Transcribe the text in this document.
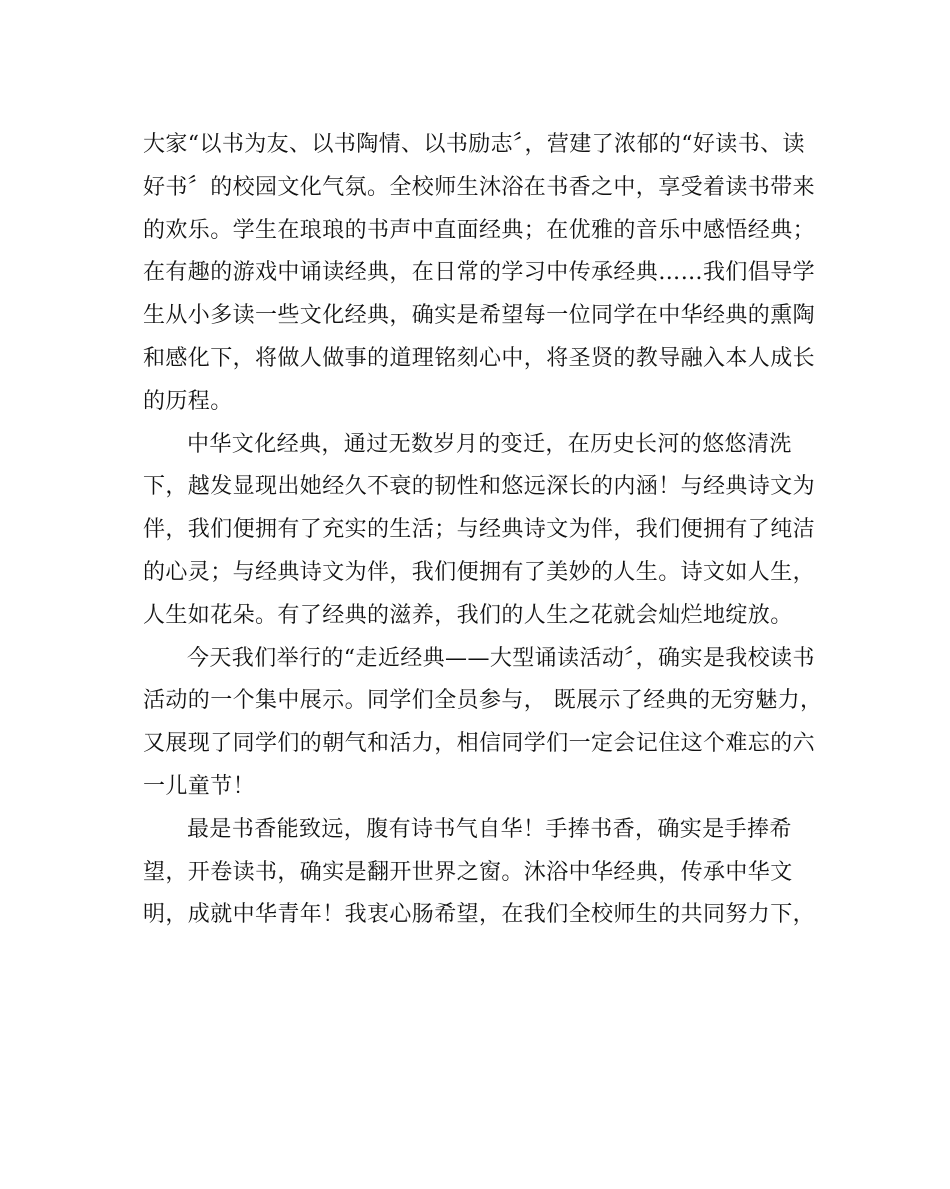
大家“以书为友、以书陶情、以书励志〞，营建了浓郁的“好读书、读
好书〞的校园文化气氛。全校师生沐浴在书香之中，享受着读书带来
的欢乐。学生在琅琅的书声中直面经典；在优雅的音乐中感悟经典；
在有趣的游戏中诵读经典，在日常的学习中传承经典……我们倡导学
生从小多读一些文化经典，确实是希望每一位同学在中华经典的熏陶
和感化下，将做人做事的道理铭刻心中，将圣贤的教导融入本人成长
的历程。
中华文化经典，通过无数岁月的变迁，在历史长河的悠悠清洗
下，越发显现出她经久不衰的韧性和悠远深长的内涵！与经典诗文为
伴，我们便拥有了充实的生活；与经典诗文为伴，我们便拥有了纯洁
的心灵；与经典诗文为伴，我们便拥有了美妙的人生。诗文如人生，
人生如花朵。有了经典的滋养，我们的人生之花就会灿烂地绽放。
今天我们举行的“走近经典——大型诵读活动〞，确实是我校读书
活动的一个集中展示。同学们全员参与， 既展示了经典的无穷魅力，
又展现了同学们的朝气和活力，相信同学们一定会记住这个难忘的六
一儿童节！
最是书香能致远，腹有诗书气自华！手捧书香，确实是手捧希
望，开卷读书，确实是翻开世界之窗。沐浴中华经典，传承中华文
明，成就中华青年！我衷心肠希望，在我们全校师生的共同努力下，
